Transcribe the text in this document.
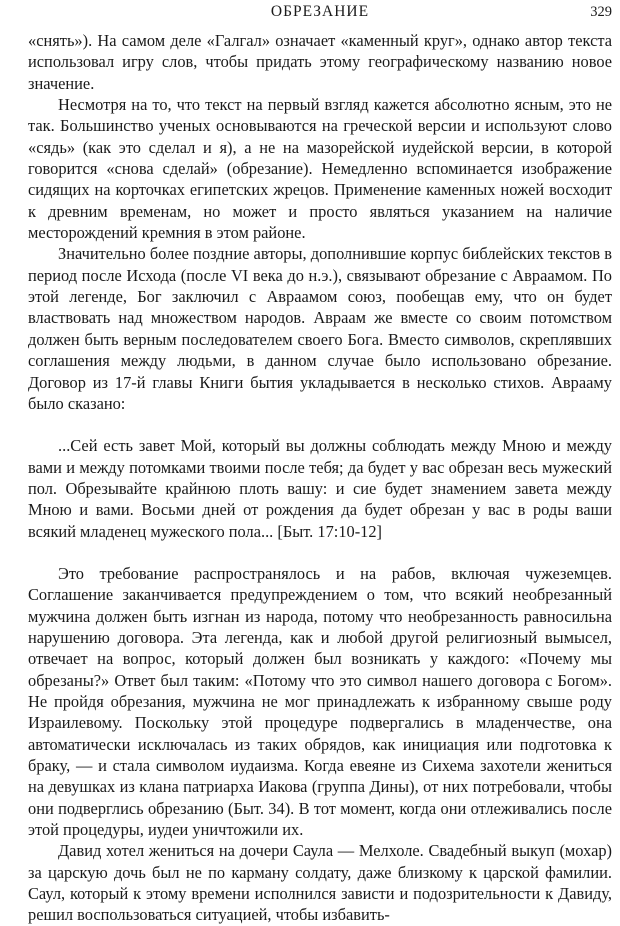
ОБРЕЗАНИЕ	329

«снять»). На самом деле «Галгал» означает «каменный круг», однако автор текста использовал игру слов, чтобы придать этому географическому названию новое значение.

Несмотря на то, что текст на первый взгляд кажется абсолютно ясным, это не так. Большинство ученых основываются на греческой версии и используют слово «сядь» (как это сделал и я), а не на мазорейской иудейской версии, в которой говорится «снова сделай» (обрезание). Немедленно вспоминается изображение сидящих на корточках египетских жрецов. Применение каменных ножей восходит к древним временам, но может и просто являться указанием на наличие месторождений кремния в этом районе.

Значительно более поздние авторы, дополнившие корпус библейских текстов в период после Исхода (после VI века до н.э.), связывают обрезание с Авраамом. По этой легенде, Бог заключил с Авраамом союз, пообещав ему, что он будет властвовать над множеством народов. Авраам же вместе со своим потомством должен быть верным последователем своего Бога. Вместо символов, скреплявших соглашения между людьми, в данном случае было использовано обрезание. Договор из 17-й главы Книги бытия укладывается в несколько стихов. Аврааму было сказано:

...Сей есть завет Мой, который вы должны соблюдать между Мною и между вами и между потомками твоими после тебя; да будет у вас обрезан весь мужеский пол. Обрезывайте крайнюю плоть вашу: и сие будет знамением завета между Мною и вами. Восьми дней от рождения да будет обрезан у вас в роды ваши всякий младенец мужеского пола... [Быт. 17:10-12]

Это требование распространялось и на рабов, включая чужеземцев. Соглашение заканчивается предупреждением о том, что всякий необрезанный мужчина должен быть изгнан из народа, потому что необрезанность равносильна нарушению договора. Эта легенда, как и любой другой религиозный вымысел, отвечает на вопрос, который должен был возникать у каждого: «Почему мы обрезаны?» Ответ был таким: «Потому что это символ нашего договора с Богом». Не пройдя обрезания, мужчина не мог принадлежать к избранному свыше роду Израилевому. Поскольку этой процедуре подвергались в младенчестве, она автоматически исключалась из таких обрядов, как инициация или подготовка к браку, — и стала символом иудаизма. Когда евеяне из Сихема захотели жениться на девушках из клана патриарха Иакова (группа Дины), от них потребовали, чтобы они подверглись обрезанию (Быт. 34). В тот момент, когда они отлеживались после этой процедуры, иудеи уничтожили их.

Давид хотел жениться на дочери Саула — Мелхоле. Свадебный выкуп (мохар) за царскую дочь был не по карману солдату, даже близкому к царской фамилии. Саул, который к этому времени исполнился зависти и подозрительности к Давиду, решил воспользоваться ситуацией, чтобы избавить-
